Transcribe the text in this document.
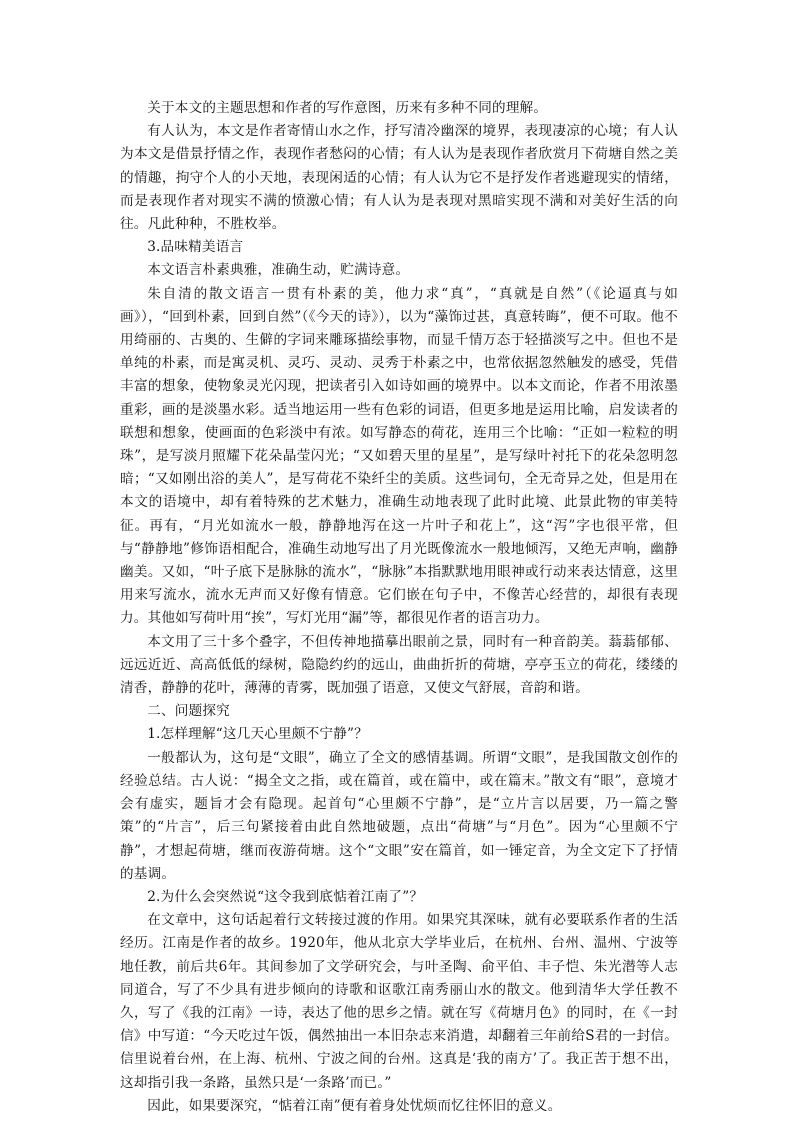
关于本文的主题思想和作者的写作意图，历来有多种不同的理解。

有人认为，本文是作者寄情山水之作，抒写清冷幽深的境界，表现凄凉的心境；有人认为本文是借景抒情之作，表现作者愁闷的心情；有人认为是表现作者欣赏月下荷塘自然之美的情趣，拘守个人的小天地，表现闲适的心情；有人认为它不是抒发作者逃避现实的情绪，而是表现作者对现实不满的愤激心情；有人认为是表现对黑暗实现不满和对美好生活的向往。凡此种种，不胜枚举。

3.品味精美语言

本文语言朴素典雅，准确生动，贮满诗意。

朱自清的散文语言一贯有朴素的美，他力求“真”，“真就是自然”（《论逼真与如画》），“回到朴素，回到自然”（《今天的诗》），以为“藻饰过甚，真意转晦”，便不可取。他不用绮丽的、古奥的、生僻的字词来雕琢描绘事物，而显千情万态于轻描淡写之中。但也不是单纯的朴素，而是寓灵机、灵巧、灵动、灵秀于朴素之中，也常依据忽然触发的感受，凭借丰富的想象，使物象灵光闪现，把读者引入如诗如画的境界中。以本文而论，作者不用浓墨重彩，画的是淡墨水彩。适当地运用一些有色彩的词语，但更多地是运用比喻，启发读者的联想和想象，使画面的色彩淡中有浓。如写静态的荷花，连用三个比喻：“正如一粒粒的明珠”，是写淡月照耀下花朵晶莹闪光；“又如碧天里的星星”，是写绿叶衬托下的花朵忽明忽暗；“又如刚出浴的美人”，是写荷花不染纤尘的美质。这些词句，全无奇异之处，但是用在本文的语境中，却有着特殊的艺术魅力，准确生动地表现了此时此境、此景此物的审美特征。再有，“月光如流水一般，静静地泻在这一片叶子和花上”，这“泻”字也很平常，但与“静静地”修饰语相配合，准确生动地写出了月光既像流水一般地倾泻，又绝无声响，幽静幽美。又如，“叶子底下是脉脉的流水”，“脉脉”本指默默地用眼神或行动来表达情意，这里用来写流水，流水无声而又好像有情意。它们嵌在句子中，不像苦心经营的，却很有表现力。其他如写荷叶用“挨”，写灯光用“漏”等，都很见作者的语言功力。

本文用了三十多个叠字，不但传神地描摹出眼前之景，同时有一种音韵美。蓊蓊郁郁、远远近近、高高低低的绿树，隐隐约约的远山，曲曲折折的荷塘，亭亭玉立的荷花，缕缕的清香，静静的花叶，薄薄的青雾，既加强了语意，又使文气舒展，音韵和谐。

二、问题探究

1.怎样理解“这几天心里颇不宁静”？

一般都认为，这句是“文眼”，确立了全文的感情基调。所谓“文眼”，是我国散文创作的经验总结。古人说：“揭全文之指，或在篇首，或在篇中，或在篇末。”散文有“眼”，意境才会有虚实，题旨才会有隐现。起首句“心里颇不宁静”，是“立片言以居要，乃一篇之警策”的“片言”，后三句紧接着由此自然地破题，点出“荷塘”与“月色”。因为“心里颇不宁静”，才想起荷塘，继而夜游荷塘。这个“文眼”安在篇首，如一锤定音，为全文定下了抒情的基调。

2.为什么会突然说“这令我到底惦着江南了”？

在文章中，这句话起着行文转接过渡的作用。如果究其深味，就有必要联系作者的生活经历。江南是作者的故乡。1920年，他从北京大学毕业后，在杭州、台州、温州、宁波等地任教，前后共6年。其间参加了文学研究会，与叶圣陶、俞平伯、丰子恺、朱光潜等人志同道合，写了不少具有进步倾向的诗歌和讴歌江南秀丽山水的散文。他到清华大学任教不久，写了《我的江南》一诗，表达了他的思乡之情。就在写《荷塘月色》的同时，在《一封信》中写道：“今天吃过午饭，偶然抽出一本旧杂志来消遣，却翻着三年前给S君的一封信。信里说着台州，在上海、杭州、宁波之间的台州。这真是‘我的南方’了。我正苦于想不出，这却指引我一条路，虽然只是‘一条路’而已。”

因此，如果要深究，“惦着江南”便有着身处忧烦而忆往怀旧的意义。
